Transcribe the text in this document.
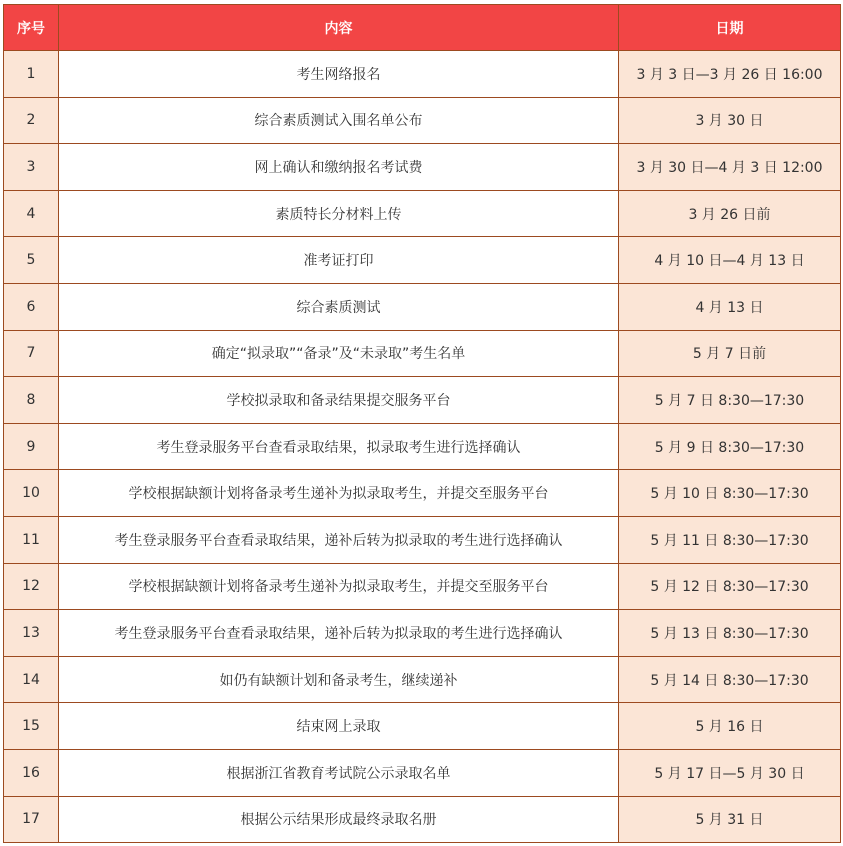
序号	内容	日期
1	考生网络报名	3 月 3 日—3 月 26 日 16:00
2	综合素质测试入围名单公布	3 月 30 日
3	网上确认和缴纳报名考试费	3 月 30 日—4 月 3 日 12:00
4	素质特长分材料上传	3 月 26 日前
5	准考证打印	4 月 10 日—4 月 13 日
6	综合素质测试	4 月 13 日
7	确定“拟录取”“备录”及“未录取”考生名单	5 月 7 日前
8	学校拟录取和备录结果提交服务平台	5 月 7 日 8:30—17:30
9	考生登录服务平台查看录取结果，拟录取考生进行选择确认	5 月 9 日 8:30—17:30
10	学校根据缺额计划将备录考生递补为拟录取考生，并提交至服务平台	5 月 10 日 8:30—17:30
11	考生登录服务平台查看录取结果，递补后转为拟录取的考生进行选择确认	5 月 11 日 8:30—17:30
12	学校根据缺额计划将备录考生递补为拟录取考生，并提交至服务平台	5 月 12 日 8:30—17:30
13	考生登录服务平台查看录取结果，递补后转为拟录取的考生进行选择确认	5 月 13 日 8:30—17:30
14	如仍有缺额计划和备录考生，继续递补	5 月 14 日 8:30—17:30
15	结束网上录取	5 月 16 日
16	根据浙江省教育考试院公示录取名单	5 月 17 日—5 月 30 日
17	根据公示结果形成最终录取名册	5 月 31 日
